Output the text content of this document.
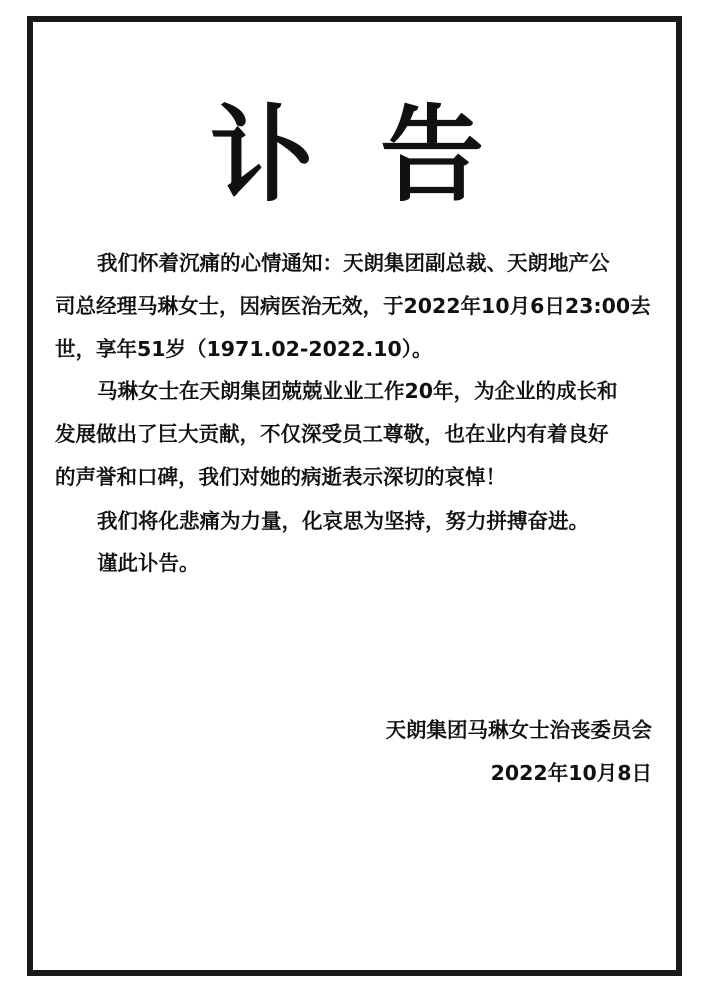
讣 告
我们怀着沉痛的心情通知：天朗集团副总裁、天朗地产公
司总经理马琳女士，因病医治无效，于2022年10月6日23:00去
世，享年51岁（1971.02-2022.10）。
马琳女士在天朗集团兢兢业业工作20年，为企业的成长和
发展做出了巨大贡献，不仅深受员工尊敬，也在业内有着良好
的声誉和口碑，我们对她的病逝表示深切的哀悼！
我们将化悲痛为力量，化哀思为坚持，努力拼搏奋进。
谨此讣告。
天朗集团马琳女士治丧委员会
2022年10月8日
